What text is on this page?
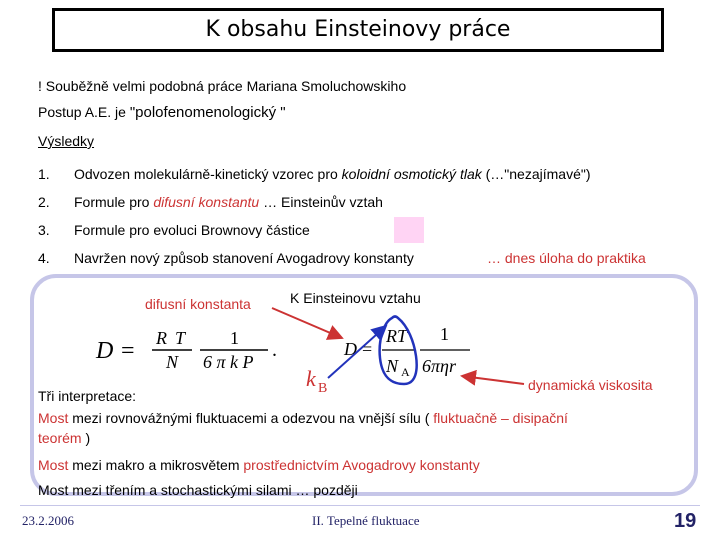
K obsahu Einsteinovy práce
! Souběžně velmi podobná práce Mariana Smoluchowskiho
Postup A.E. je "polofenomenologický "
Výsledky
1. Odvozen molekulárně-kinetický vzorec pro koloidní osmotický tlak (…"nezajímavé")
2. Formule pro difusní konstantu … Einsteinův vztah
3. Formule pro evoluci Brownovy částice
4. Navržen nový způsob stanovení Avogadrovy konstanty	… dnes úloha do praktika
difusní konstanta	K Einsteinovu vztahu
D = R T
N
1
6 π k P
.	D =
RT
N A
1
6πηr
k B
Tři interpretace:
dynamická viskosita
Most mezi rovnovážnými fluktuacemi a odezvou na vnější sílu ( fluktuačně – disipační
teorém )
Most mezi makro a mikrosvětem prostřednictvím Avogadrovy konstanty
Most mezi třením a stochastickými silami … později
23.2.2006	II. Tepelné fluktuace	19
